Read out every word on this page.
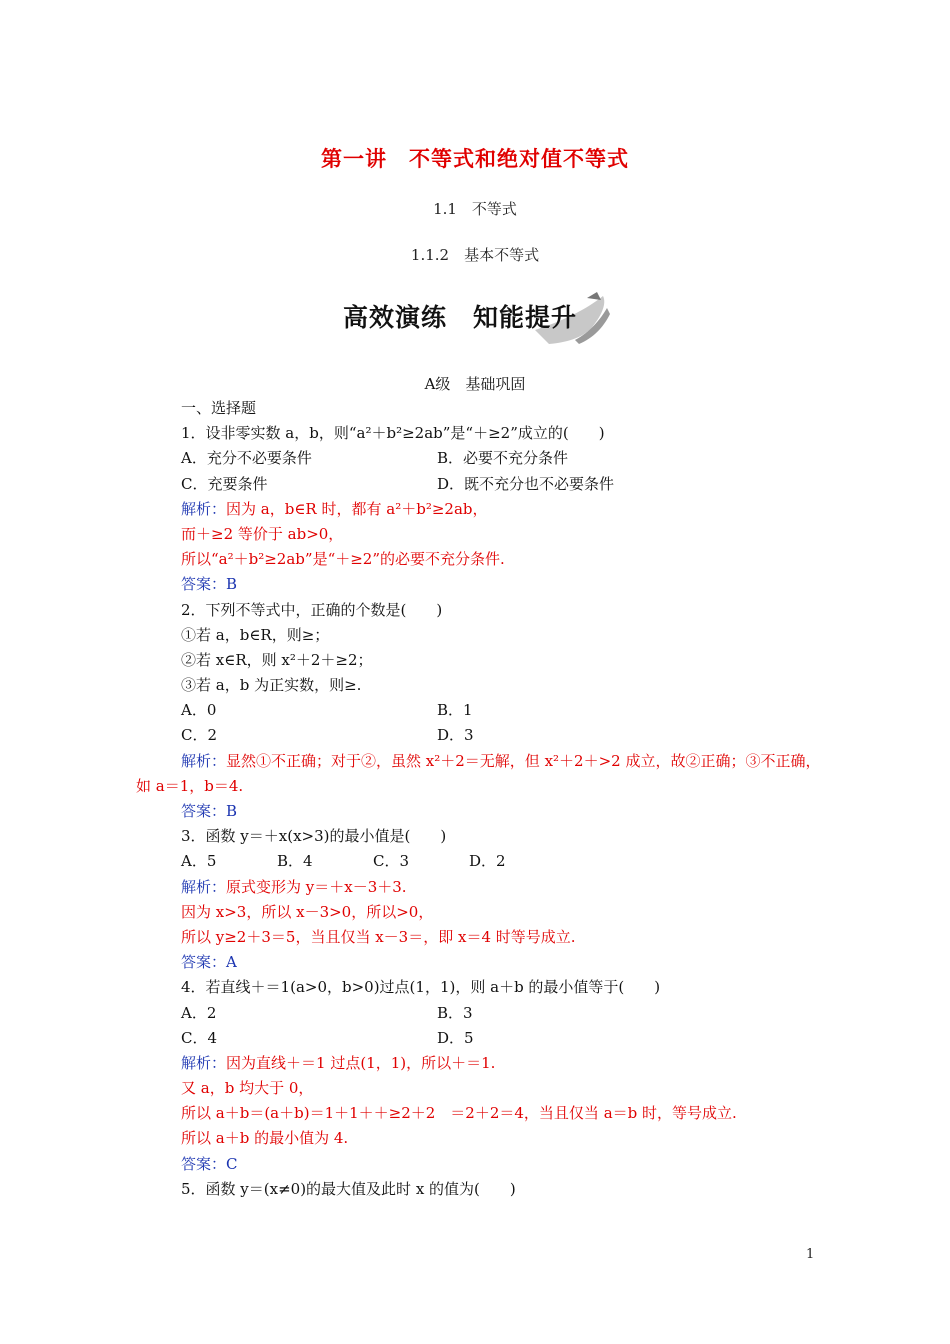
第一讲　不等式和绝对值不等式
1.1　不等式
1.1.2　基本不等式
高效演练　知能提升
A级　基础巩固
一、选择题
1．设非零实数 a，b，则“a²＋b²≥2ab”是“＋≥2”成立的(　　)
A．充分不必要条件	B．必要不充分条件
C．充要条件	D．既不充分也不必要条件
解析：因为 a，b∈R 时，都有 a²＋b²≥2ab，
而＋≥2 等价于 ab>0，
所以“a²＋b²≥2ab”是“＋≥2”的必要不充分条件.
答案：B
2．下列不等式中，正确的个数是(　　)
①若 a，b∈R，则≥；
②若 x∈R，则 x²＋2＋≥2；
③若 a，b 为正实数，则≥.
A．0	B．1
C．2	D．3
解析：显然①不正确；对于②，虽然 x²＋2＝无解，但 x²＋2＋>2 成立，故②正确；③不正确，
如 a＝1，b＝4.
答案：B
3．函数 y＝＋x(x>3)的最小值是(　　)
A．5	B．4	C．3	D．2
解析：原式变形为 y＝＋x－3＋3.
因为 x>3，所以 x－3>0，所以>0，
所以 y≥2＋3＝5，当且仅当 x－3＝，即 x＝4 时等号成立.
答案：A
4．若直线＋＝1(a>0，b>0)过点(1，1)，则 a＋b 的最小值等于(　　)
A．2	B．3
C．4	D．5
解析：因为直线＋＝1 过点(1，1)，所以＋＝1.
又 a，b 均大于 0，
所以 a＋b＝(a＋b)＝1＋1＋＋≥2＋2　＝2＋2＝4，当且仅当 a＝b 时，等号成立.
所以 a＋b 的最小值为 4.
答案：C
5．函数 y＝(x≠0)的最大值及此时 x 的值为(　　)
1
